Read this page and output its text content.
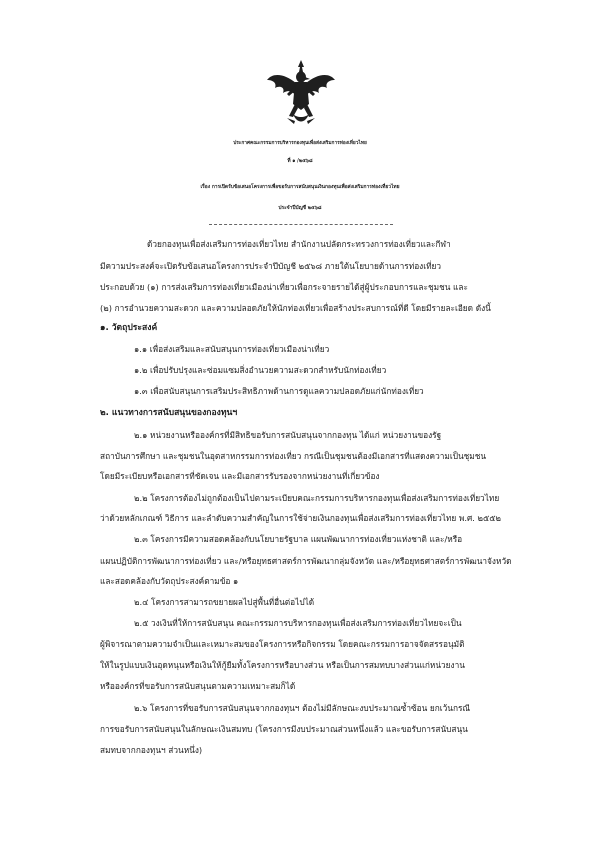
ประกาศคณะกรรมการบริหารกองทุนเพื่อส่งเสริมการท่องเที่ยวไทย
ที่ ๑ /๒๕๖๘
เรื่อง การเปิดรับข้อเสนอโครงการเพื่อขอรับการสนับสนุนเงินกองทุนเพื่อส่งเสริมการท่องเที่ยวไทย
ประจำปีบัญชี ๒๕๖๘
ด้วยกองทุนเพื่อส่งเสริมการท่องเที่ยวไทย สำนักงานปลัดกระทรวงการท่องเที่ยวและกีฬา
มีความประสงค์จะเปิดรับข้อเสนอโครงการประจำปีบัญชี ๒๕๖๘ ภายใต้นโยบายด้านการท่องเที่ยว
ประกอบด้วย (๑) การส่งเสริมการท่องเที่ยวเมืองน่าเที่ยวเพื่อกระจายรายได้สู่ผู้ประกอบการและชุมชน และ
(๒) การอำนวยความสะดวก และความปลอดภัยให้นักท่องเที่ยวเพื่อสร้างประสบการณ์ที่ดี โดยมีรายละเอียด ดังนี้
๑. วัตถุประสงค์
๑.๑ เพื่อส่งเสริมและสนับสนุนการท่องเที่ยวเมืองน่าเที่ยว
๑.๒ เพื่อปรับปรุงและซ่อมแซมสิ่งอำนวยความสะดวกสำหรับนักท่องเที่ยว
๑.๓ เพื่อสนับสนุนการเสริมประสิทธิภาพด้านการดูแลความปลอดภัยแก่นักท่องเที่ยว
๒. แนวทางการสนับสนุนของกองทุนฯ
๒.๑ หน่วยงานหรือองค์กรที่มีสิทธิขอรับการสนับสนุนจากกองทุน ได้แก่ หน่วยงานของรัฐ
สถาบันการศึกษา และชุมชนในอุตสาหกรรมการท่องเที่ยว กรณีเป็นชุมชนต้องมีเอกสารที่แสดงความเป็นชุมชน
โดยมีระเบียบหรือเอกสารที่ชัดเจน และมีเอกสารรับรองจากหน่วยงานที่เกี่ยวข้อง
๒.๒ โครงการต้องไม่ถูกต้องเป็นไปตามระเบียบคณะกรรมการบริหารกองทุนเพื่อส่งเสริมการท่องเที่ยวไทย
ว่าด้วยหลักเกณฑ์ วิธีการ และลำดับความสำคัญในการใช้จ่ายเงินกองทุนเพื่อส่งเสริมการท่องเที่ยวไทย พ.ศ. ๒๕๕๒
๒.๓ โครงการมีความสอดคล้องกับนโยบายรัฐบาล แผนพัฒนาการท่องเที่ยวแห่งชาติ และ/หรือ
แผนปฏิบัติการพัฒนาการท่องเที่ยว และ/หรือยุทธศาสตร์การพัฒนากลุ่มจังหวัด และ/หรือยุทธศาสตร์การพัฒนาจังหวัด
และสอดคล้องกับวัตถุประสงค์ตามข้อ ๑
๒.๔ โครงการสามารถขยายผลไปสู่พื้นที่อื่นต่อไปได้
๒.๕ วงเงินที่ให้การสนับสนุน คณะกรรมการบริหารกองทุนเพื่อส่งเสริมการท่องเที่ยวไทยจะเป็น
ผู้พิจารณาตามความจำเป็นและเหมาะสมของโครงการหรือกิจกรรม โดยคณะกรรมการอาจจัดสรรอนุมัติ
ให้ในรูปแบบเงินอุดหนุนหรือเงินให้กู้ยืมทั้งโครงการหรือบางส่วน หรือเป็นการสมทบบางส่วนแก่หน่วยงาน
หรือองค์กรที่ขอรับการสนับสนุนตามความเหมาะสมก็ได้
๒.๖ โครงการที่ขอรับการสนับสนุนจากกองทุนฯ ต้องไม่มีลักษณะงบประมาณซ้ำซ้อน ยกเว้นกรณี
การขอรับการสนับสนุนในลักษณะเงินสมทบ (โครงการมีงบประมาณส่วนหนึ่งแล้ว และขอรับการสนับสนุน
สมทบจากกองทุนฯ ส่วนหนึ่ง)
